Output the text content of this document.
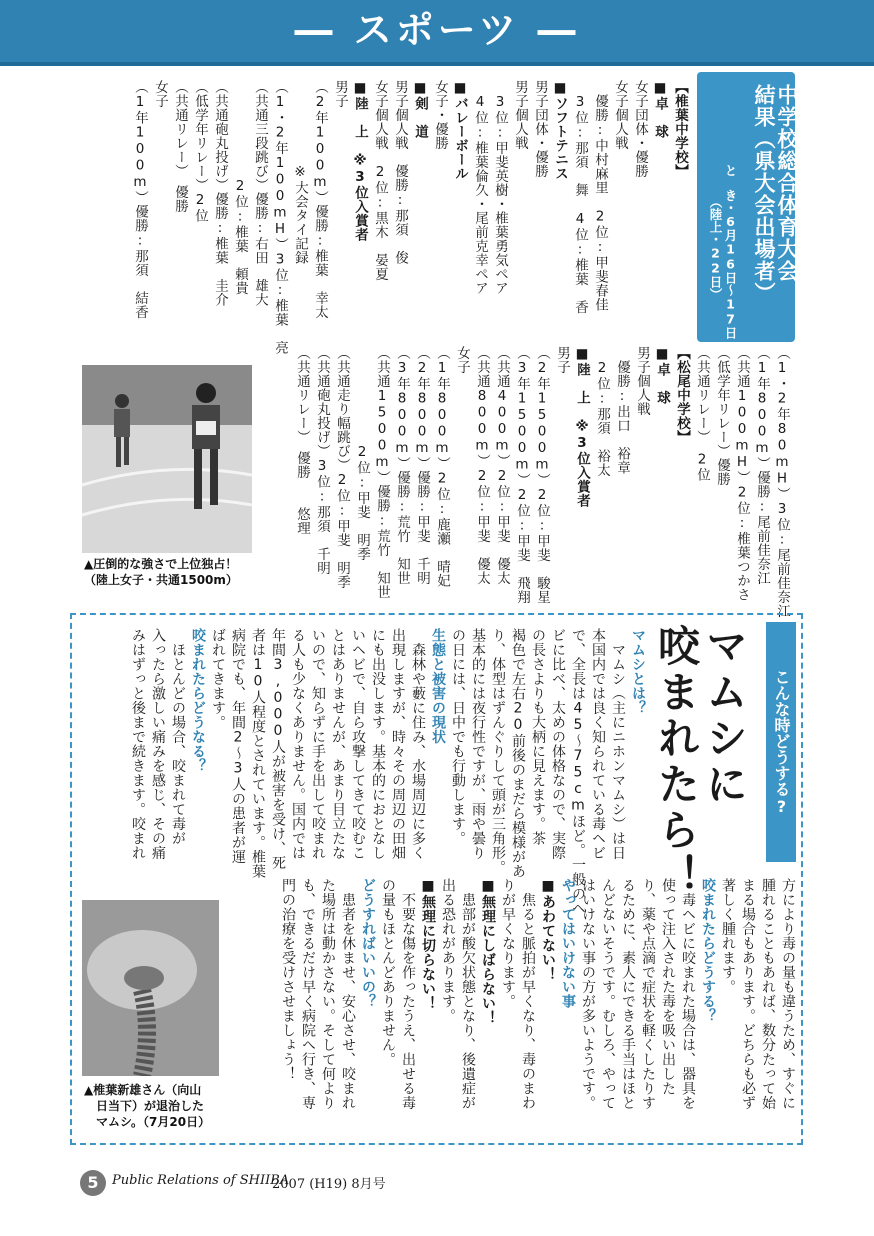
― スポーツ ―
第58回　東白杵地区
中学校総合体育大会
結果（県大会出場者）
と　き・6月16日～17日
　　　（陸上・22日）
【椎葉中学校】
■卓　球
女子団体・優勝
女子個人戦
　優勝:中村麻里　2位:甲斐春佳
　3位:那須　舞　4位:椎葉　香
■ソフトテニス
男子団体・優勝
男子個人戦
　3位:甲斐英樹・椎葉勇気ペア
　4位:椎葉倫久・尾前克幸ペア
■バレーボール
女子・優勝
■剣　道
男子個人戦　優勝:那須　俊
女子個人戦　2位:黒木　晏夏
■陸　上　※3位入賞者
男子
（2年100m）優勝:椎葉　幸太
　　　　　　※大会タイ記録
（1・2年100mH）3位:椎葉　亮
（共通三段跳び）優勝:右田　雄大
　　　　　　　2位:椎葉　頼貴
（共通砲丸投げ）優勝:椎葉　圭介
（低学年リレー）2位
（共通リレー）　優勝
女子
（1年100m）優勝:那須　結香
（1・2年80mH）3位:尾前佳奈江
（1年800m）優勝:尾前佳奈江
（共通100mH）2位:椎葉つかさ
（低学年リレー）優勝
（共通リレー）　2位
【松尾中学校】
■卓　球
男子個人戦
　優勝:出口　裕章
　2位:那須　裕太
■陸　上　※3位入賞者
男子
（2年1500m）2位:甲斐　駿星
（3年1500m）2位:甲斐　飛翔
（共通400m）2位:甲斐　優太
（共通800m）2位:甲斐　優太
女子
（1年800m）2位:鹿瀬　晴妃
（2年800m）優勝:甲斐　千明
（3年800m）優勝:荒竹　知世
（共通1500m）優勝:荒竹　知世
　　　　　　　2位:甲斐　明季
（共通走り幅跳び）2位:甲斐　明季
（共通砲丸投げ）3位:那須　千明
（共通リレー）　優勝　　悠理
▲圧倒的な強さで上位独占！
（陸上女子・共通1500m）
こんな時どうする?
マムシに
咬まれたら！
マムシとは？
　マムシ（主にニホンマムシ）は日
本国内では良く知られている毒ヘビ
で、全長は45～75cmほど。一般のヘ
ビに比べ、太めの体格なので、実際
の長さよりも大柄に見えます。茶
褐色で左右20前後のまだら模様があ
り、体型はずんぐりして頭が三角形。
基本的には夜行性ですが、雨や曇り
の日には、日中でも行動します。
生態と被害の現状
　森林や藪に住み、水場周辺に多く
出現しますが、時々その周辺の田畑
にも出没します。基本的におとなし
いヘビで、自ら攻撃してきて咬むこ
とはありませんが、あまり目立たな
いので、知らずに手を出して咬まれ
る人も少なくありません。国内では
年間3,000人が被害を受け、死
者は10人程度とされています。椎葉
病院でも、年間2～3人の患者が運
ばれてきます。
咬まれたらどうなる？
　ほとんどの場合、咬まれて毒が
入ったら激しい痛みを感じ、その痛
みはずっと後まで続きます。咬まれ
方により毒の量も違うため、すぐに
腫れることもあれば、数分たって始
まる場合もあります。どちらも必ず
著しく腫れます。
咬まれたらどうする？
　毒ヘビに咬まれた場合は、器具を
使って注入された毒を吸い出した
り、薬や点滴で症状を軽くしたりす
るために、素人にできる手当はほと
んどないそうです。むしろ、やって
はいけない事の方が多いようです。
やってはいけない事
■あわてない！
　焦ると脈拍が早くなり、毒のまわ
りが早くなります。
■無理にしばらない！
　患部が酸欠状態となり、後遺症が
出る恐れがあります。
■無理に切らない！
　不要な傷を作ったうえ、出せる毒
の量もほとんどありません。
どうすればいいの？
　患者を休ませ、安心させ、咬まれ
た場所は動かさない。そして何より
も、できるだけ早く病院へ行き、専
門の治療を受けさせましょう！
▲椎葉新雄さん（向山
　日当下）が退治した
　マムシ。（7月20日）
5	Public Relations of SHIIBA
2007 (H19) 8月号
